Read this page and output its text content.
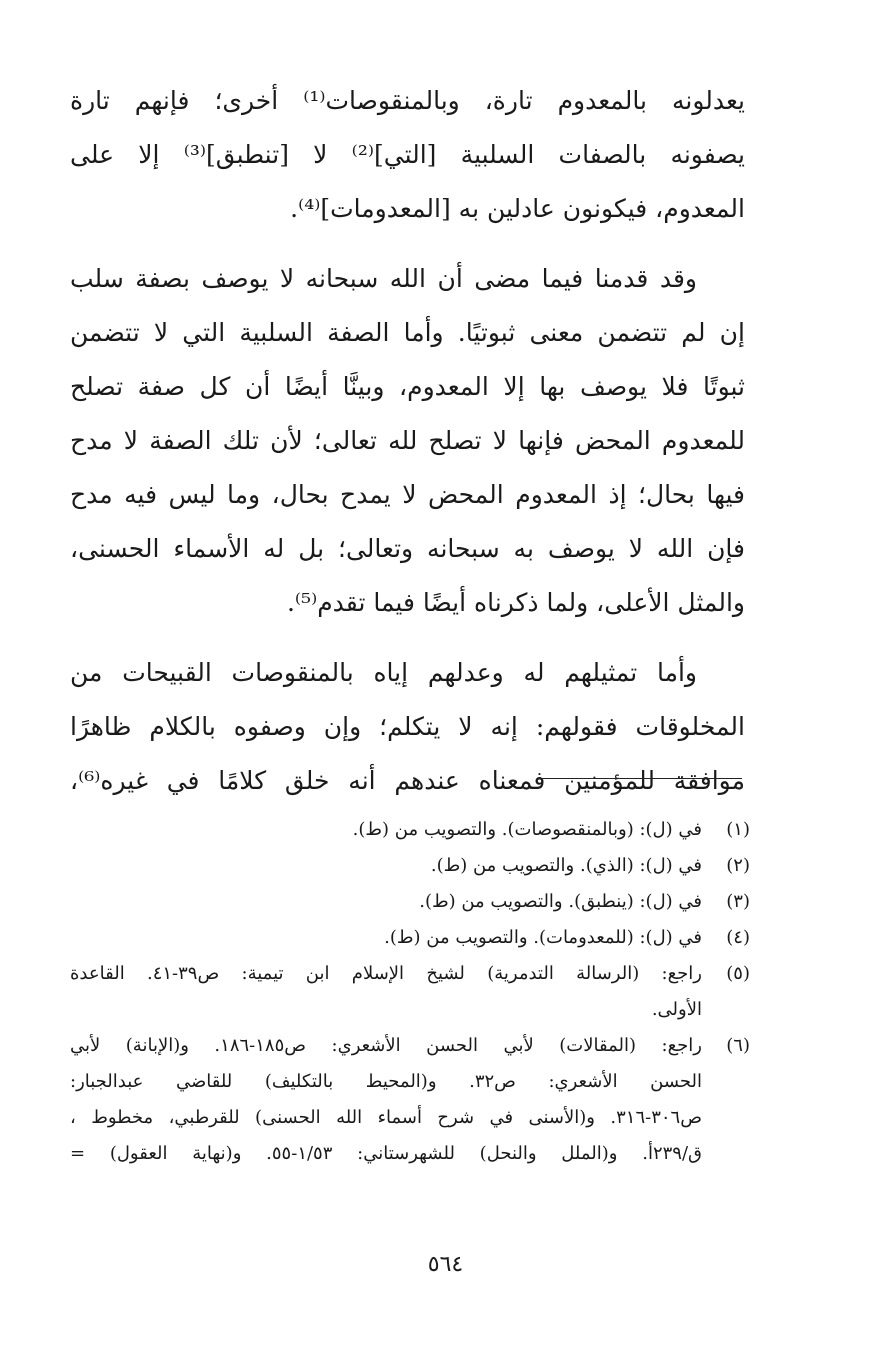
يعدلونه بالمعدوم تارة، وبالمنقوصات⁽¹⁾ أخرى؛ فإنهم تارة
يصفونه بالصفات السلبية [التي]⁽²⁾ لا [تنطبق]⁽³⁾ إلا على
المعدوم، فيكونون عادلين به [المعدومات]⁽⁴⁾.
وقد قدمنا فيما مضى أن الله سبحانه لا يوصف بصفة سلب
إن لم تتضمن معنى ثبوتيًا. وأما الصفة السلبية التي لا تتضمن
ثبوتًا فلا يوصف بها إلا المعدوم، وبينَّا أيضًا أن كل صفة تصلح
للمعدوم المحض فإنها لا تصلح لله تعالى؛ لأن تلك الصفة لا مدح
فيها بحال؛ إذ المعدوم المحض لا يمدح بحال، وما ليس فيه مدح
فإن الله لا يوصف به سبحانه وتعالى؛ بل له الأسماء الحسنى،
والمثل الأعلى، ولما ذكرناه أيضًا فيما تقدم⁽⁵⁾.
وأما تمثيلهم له وعدلهم إياه بالمنقوصات القبيحات من
المخلوقات فقولهم: إنه لا يتكلم؛ وإن وصفوه بالكلام ظاهرًا
موافقة للمؤمنين فمعناه عندهم أنه خلق كلامًا في غيره⁽⁶⁾،
(١)
في (ل): (وبالمنقصوصات). والتصويب من (ط).
(٢)
في (ل): (الذي). والتصويب من (ط).
(٣)
في (ل): (ينطبق). والتصويب من (ط).
(٤)
في (ل): (للمعدومات). والتصويب من (ط).
(٥)
راجع: (الرسالة التدمرية) لشيخ الإسلام ابن تيمية: ص٣٩-٤١. القاعدة
الأولى.
(٦)
راجع: (المقالات) لأبي الحسن الأشعري: ص١٨٥-١٨٦. و(الإبانة) لأبي
الحسن الأشعري: ص٣٢. و(المحيط بالتكليف) للقاضي عبدالجبار:
ص٣٠٦-٣١٦. و(الأسنى في شرح أسماء الله الحسنى) للقرطبي، مخطوط ،
ق/٢٣٩أ. و(الملل والنحل) للشهرستاني: ١/٥٣-٥٥. و(نهاية العقول) =
٥٦٤
